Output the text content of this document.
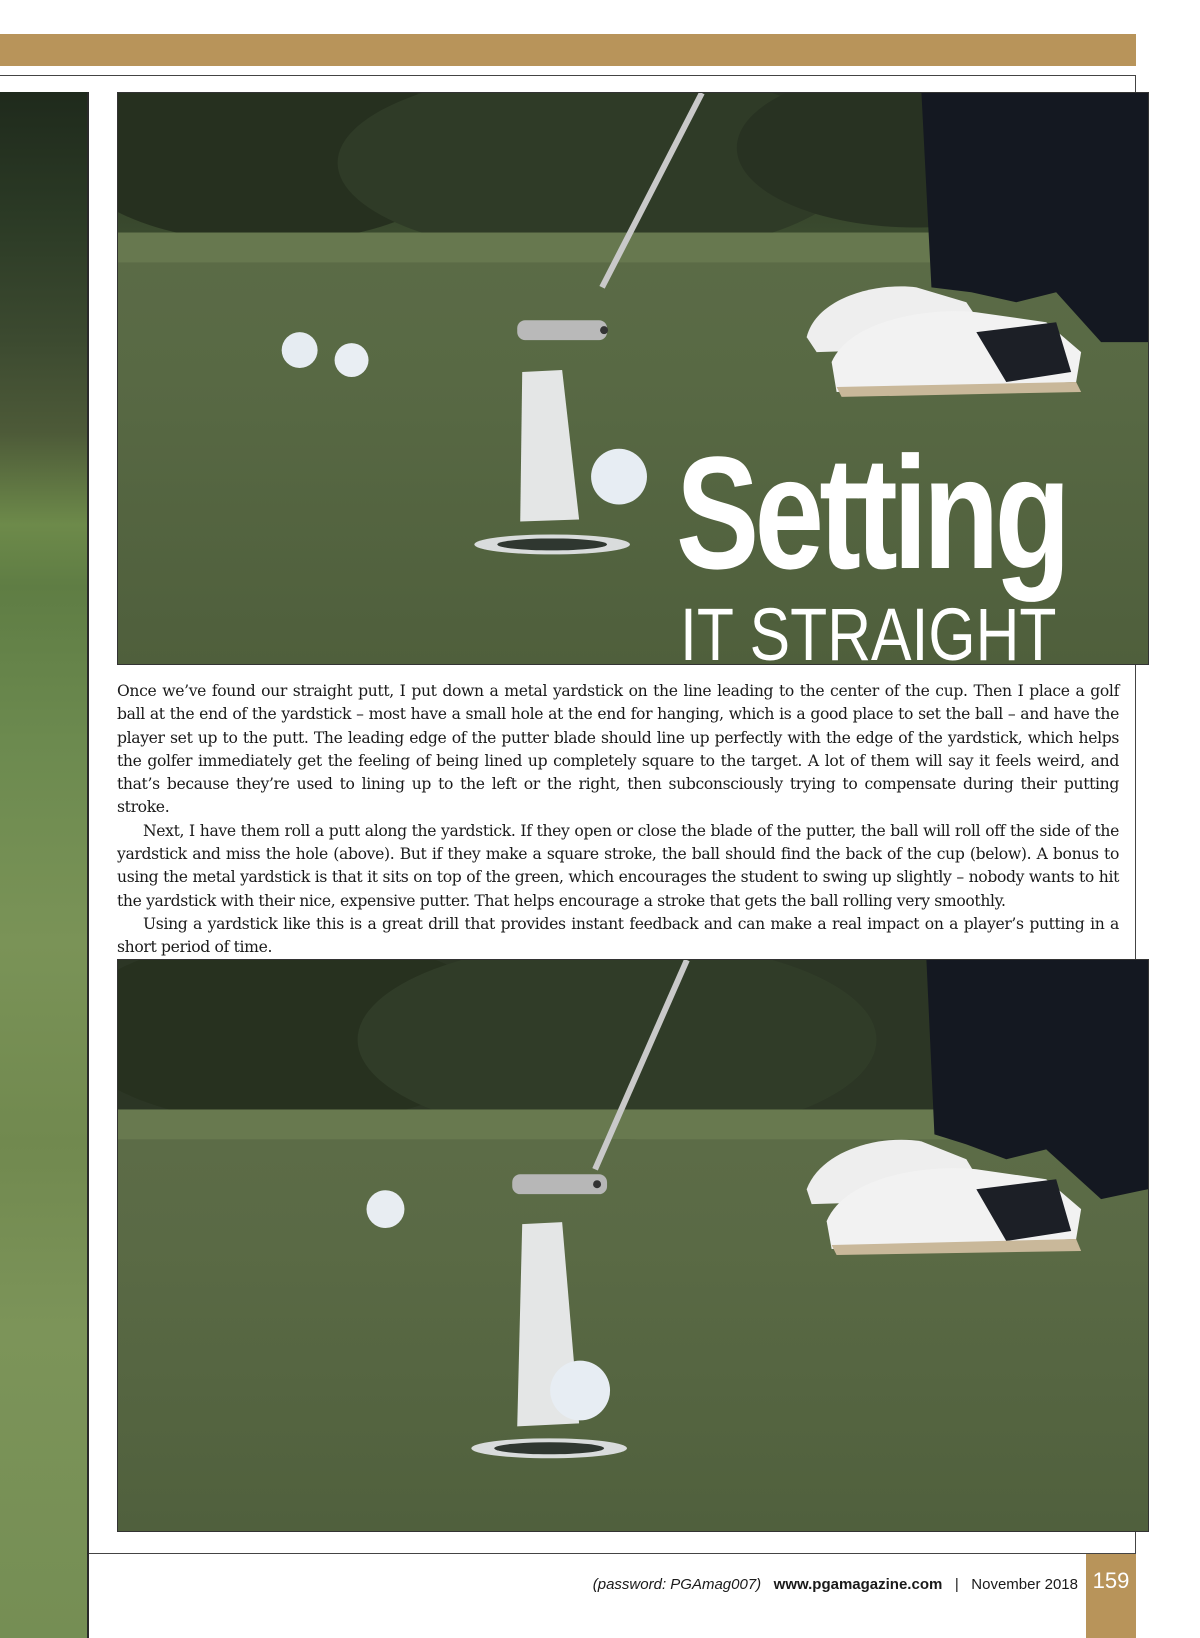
Setting
IT STRAIGHT

Once we’ve found our straight putt, I put down a metal yardstick on the line leading to the center of the cup. Then I place a golf ball at the end of the yardstick – most have a small hole at the end for hanging, which is a good place to set the ball – and have the player set up to the putt. The leading edge of the putter blade should line up perfectly with the edge of the yardstick, which helps the golfer immediately get the feeling of being lined up completely square to the target. A lot of them will say it feels weird, and that’s because they’re used to lining up to the left or the right, then subconsciously trying to compensate during their putting stroke.

Next, I have them roll a putt along the yardstick. If they open or close the blade of the putter, the ball will roll off the side of the yardstick and miss the hole (above). But if they make a square stroke, the ball should find the back of the cup (below). A bonus to using the metal yardstick is that it sits on top of the green, which encourages the student to swing up slightly – nobody wants to hit the yardstick with their nice, expensive putter. That helps encourage a stroke that gets the ball rolling very smoothly.

Using a yardstick like this is a great drill that provides instant feedback and can make a real impact on a player’s putting in a short period of time.

(password: PGAmag007) www.pgamagazine.com | November 2018 159
